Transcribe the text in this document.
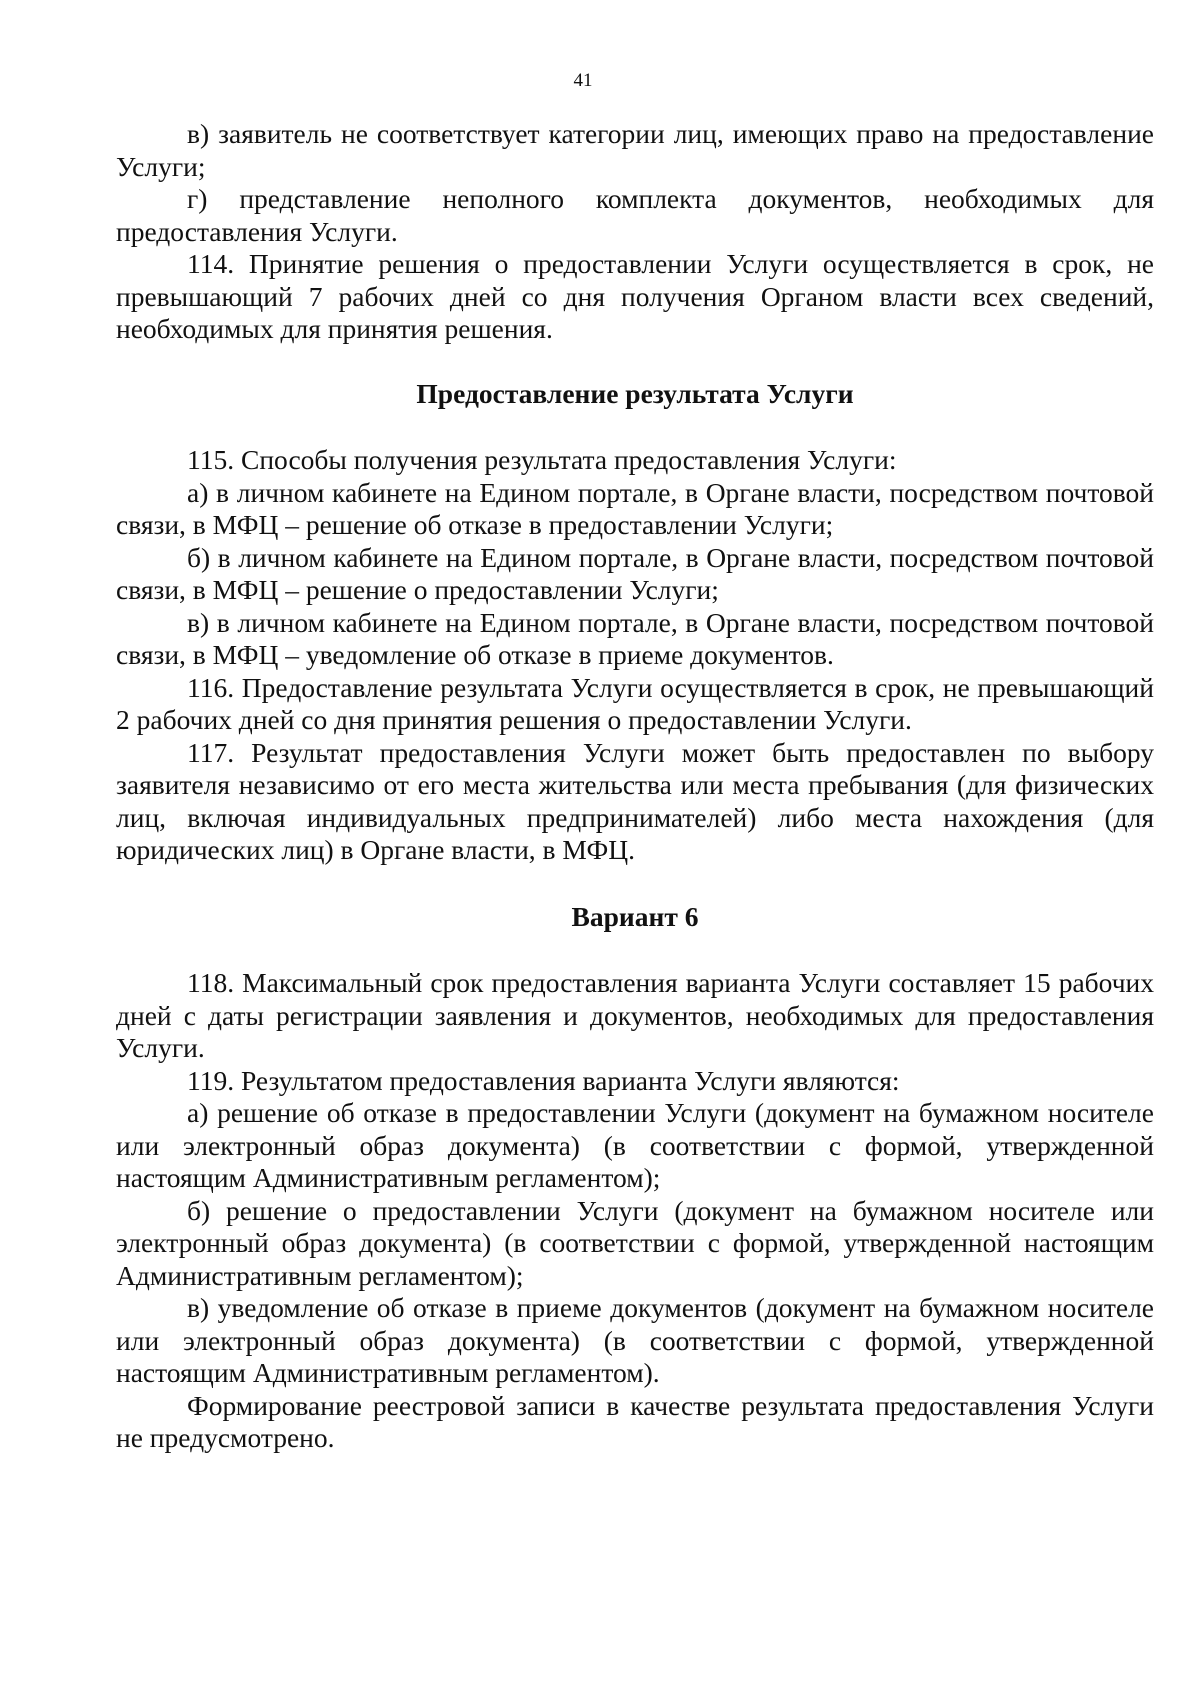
41

в) заявитель не соответствует категории лиц, имеющих право на предоставление Услуги;

г) представление неполного комплекта документов, необходимых для предоставления Услуги.

114. Принятие решения о предоставлении Услуги осуществляется в срок, не превышающий 7 рабочих дней со дня получения Органом власти всех сведений, необходимых для принятия решения.

Предоставление результата Услуги

115. Способы получения результата предоставления Услуги:

а) в личном кабинете на Едином портале, в Органе власти, посредством почтовой связи, в МФЦ – решение об отказе в предоставлении Услуги;

б) в личном кабинете на Едином портале, в Органе власти, посредством почтовой связи, в МФЦ – решение о предоставлении Услуги;

в) в личном кабинете на Едином портале, в Органе власти, посредством почтовой связи, в МФЦ – уведомление об отказе в приеме документов.

116. Предоставление результата Услуги осуществляется в срок, не превышающий 2 рабочих дней со дня принятия решения о предоставлении Услуги.

117. Результат предоставления Услуги может быть предоставлен по выбору заявителя независимо от его места жительства или места пребывания (для физических лиц, включая индивидуальных предпринимателей) либо места нахождения (для юридических лиц) в Органе власти, в МФЦ.

Вариант 6

118. Максимальный срок предоставления варианта Услуги составляет 15 рабочих дней с даты регистрации заявления и документов, необходимых для предоставления Услуги.

119. Результатом предоставления варианта Услуги являются:

а) решение об отказе в предоставлении Услуги (документ на бумажном носителе или электронный образ документа) (в соответствии с формой, утвержденной настоящим Административным регламентом);

б) решение о предоставлении Услуги (документ на бумажном носителе или электронный образ документа) (в соответствии с формой, утвержденной настоящим Административным регламентом);

в) уведомление об отказе в приеме документов (документ на бумажном носителе или электронный образ документа) (в соответствии с формой, утвержденной настоящим Административным регламентом).

Формирование реестровой записи в качестве результата предоставления Услуги не предусмотрено.
